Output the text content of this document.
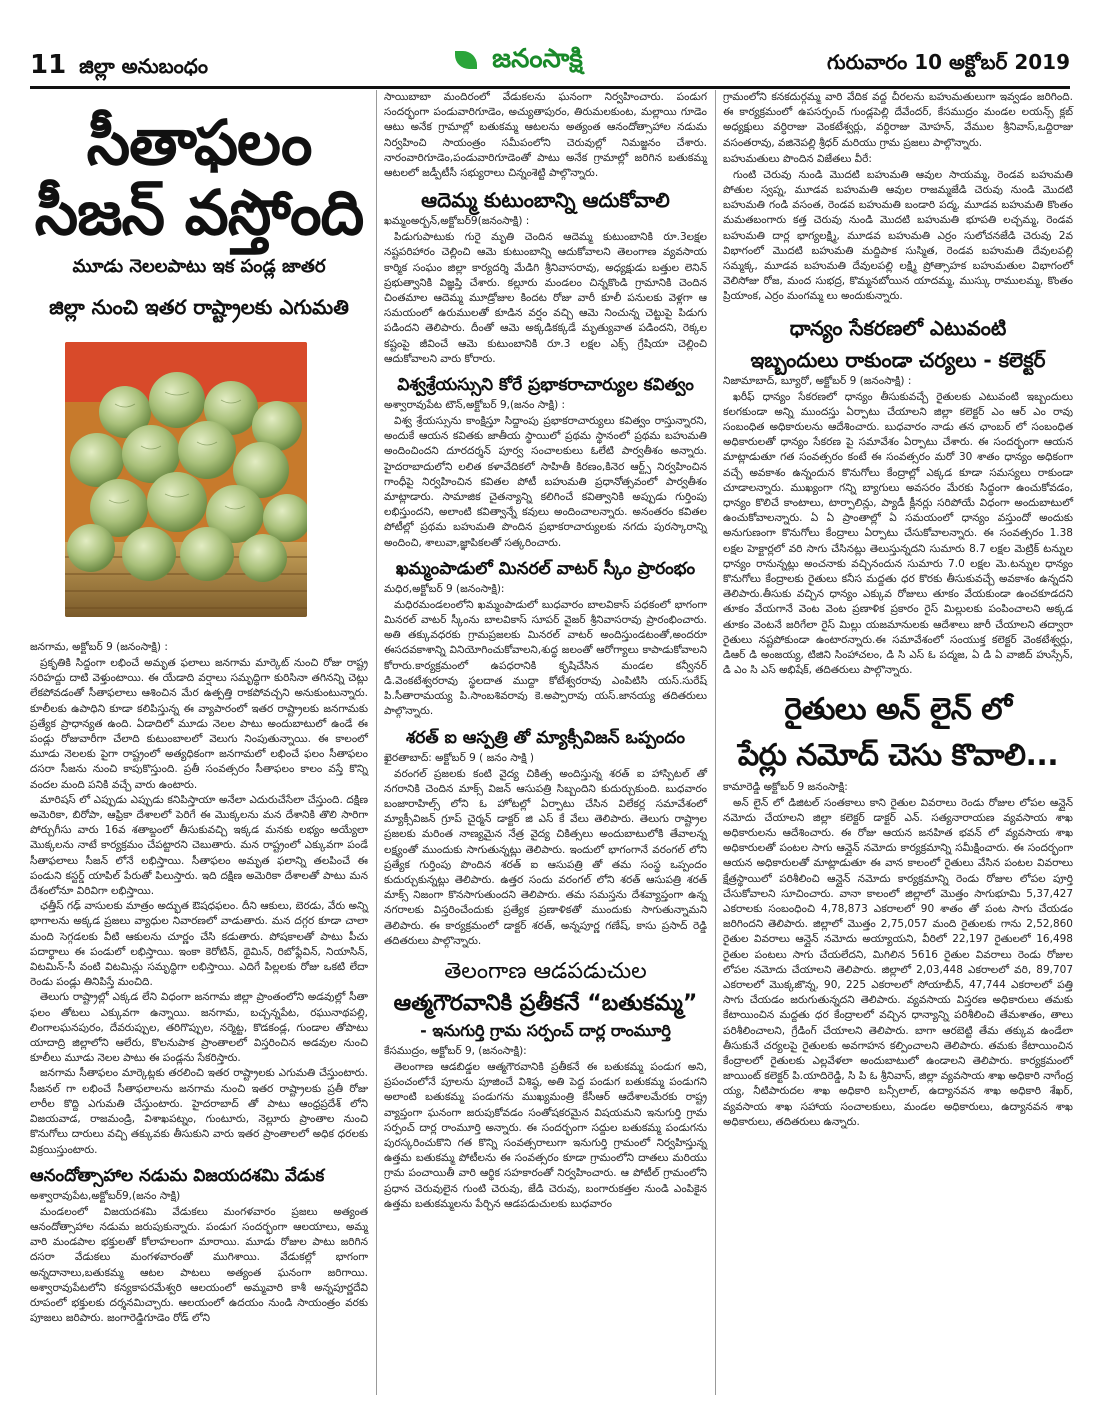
11 జిల్లా అనుబంధం	జనంసాక్షి	గురువారం 10 అక్టోబర్ 2019
సీతాఫలం
సీజన్ వస్తోంది
మూడు నెలలపాటు ఇక పండ్ల జాతర
జిల్లా నుంచి ఇతర రాష్ట్రాలకు ఎగుమతి
జనగామ, అక్టోబర్ 9 (జనంసాక్షి) :

ప్రకృతికి సిద్దంగా లభించే అమృత ఫలాలు జనగామ మార్కెట్ నుంచి రోజు రాష్ట్ర సరిహద్దు దాటి వెళ్తుంటాయి. ఈ యేడాది వర్షాలు సమృద్ధిగా కురిసినా తగినన్ని చెట్లు లేకపోవడంతో సీతాఫలాలు ఆశించిన మేర ఉత్పత్తి రాకపోవచ్చని అనుకుంటున్నారు. కూలీలకు ఉపాధిని కూడా కలిపిస్తున్న ఈ వ్యాపారంలో ఇతర రాష్ట్రాలకు జనగామకు ప్రత్యేక ప్రాధాన్యత ఉంది. ఏడాదిలో మూడు నెలల పాటు అందుబాటులో ఉండే ఈ పండ్లు రోజువారీగా చేలాది కుటుంబాలలో వెలుగు నింపుతున్నాయి. ఈ కాలంలో మూడు నెలలకు పైగా రాష్ట్రంలో అత్యధికంగా జనగామలో లభించే ఫలం సీతాఫలం దసరా సీజను నుంచి కాపుకొస్తుంది. ప్రతీ సంవత్సరం సీతాఫలం కాలం వస్తే కొన్ని వందల మంది పనికి వచ్చే వారు ఉంటారు.

మారిషస్ లో ఎప్పుడు ఎప్పుడు కనిపిస్తాయా అనేలా ఎదురుచేసేలా చేస్తుంది. దక్షిణ అమెరికా, బిరోపా, ఆఫ్రికా దేశాలలో పెరిగే ఈ మొక్కలను మన దేశానికి తొలి సారిగా పోర్చుగీసు వారు 16వ శతాబ్దంలో తీసుకువచ్చి ఇక్కడ మనకు లభ్యం అయ్యేలా మొక్కలను నాటే కార్యక్రమం చేపట్టారని చెబుతారు. మన రాష్ట్రంలో ఎక్కువగా పండే సీతాఫలాలు సీజన్ లోనే లభిస్తాయి. సీతాఫలం అమృత ఫలాన్ని తలపించే ఈ పండుని కస్టర్డ్ యాపిల్ పేరుతో పిలుస్తారు. ఇది దక్షిణ అమెరికా దేశాలతో పాటు మన దేశంలోనూ విరివిగా లభిస్తాయి.

ఛత్తీస్ గఢ్ వాసులకు మాత్రం అద్భుత ఔషధఫలం. దీని ఆకులు, బెరడు, వేరు అన్ని భాగాలను అక్కడ ప్రజలు వ్యాధుల నివారణలో వాడుతారు. మన దగ్గర కూడా చాలా మంది సెగ్గడలకు వీటి ఆకులను చూర్ణం చేసి కడుతారు. పోషకాలతో పాటు పీచు పదార్థాలు ఈ పండులో లభిస్తాయి. ఇంకా కెరోటిన్, థైమిన్, రిబోఫ్లేవిన్, నియాసిన్, విటమిన్-సీ వంటి విటమిన్లు సమృద్ధిగా లభిస్తాయి. ఎదిగే పిల్లలకు రోజు ఒకటి లేదా రెండు పండ్లు తినిపిస్తే మంచిది.

తెలుగు రాష్ట్రాల్లో ఎక్కడ లేని విధంగా జనగామ జిల్లా ప్రాంతంలోని అడవుల్లో సీతా ఫలం తోటలు ఎక్కువగా ఉన్నాయి. జనగామ, బచ్చన్నపేట, రఘునాథపల్లి, లింగాలఘనపురం, దేవరుప్పుల, తరిగొప్పుల, నర్మెట్ట, కొడకండ్ల, గుండాల తోపాటు యాదాద్రి జిల్లాలోని ఆలేరు, కొలనుపాక ప్రాంతాలలో విస్తరించిన అడవుల నుంచి కూలీలు మూడు నెలల పాటు ఈ పండ్లను సేకరిస్తారు.

జనగామ సీతాఫలం మార్కెట్లకు తరలించి ఇతర రాష్ట్రాలకు ఎగుమతి చేస్తుంటారు. సీజనల్ గా లభించే సీతాఫలాలను జనగామ నుంచి ఇతర రాష్ట్రాలకు ప్రతీ రోజు లారీల కొద్ది ఎగుమతి చేస్తుంటారు. హైదరాబాద్ తో పాటు ఆంధ్రప్రదేశ్ లోని విజయవాడ, రాజమండ్రి, విశాఖపట్నం, గుంటూరు, నెల్లూరు ప్రాంతాల నుంచి కొనుగోలు దారులు వచ్చి తక్కువకు తీసుకుని వారు ఇతర ప్రాంతాలలో అధిక ధరలకు విక్రయిస్తుంటారు.

ఆనందోత్సాహాల నడుమ విజయదశమి వేడుక
అశ్వారావుపేట,అక్టోబర్9,(జనం సాక్షి)

మండలంలో విజయదశమి వేడుకలు మంగళవారం ప్రజలు అత్యంత ఆనందోత్సాహాల నడుమ జరుపుకున్నారు. పండుగ సందర్భంగా ఆలయాలు, అమ్మ వారి మండపాల భక్తులతో కోలాహలంగా మారాయి. మూడు రోజుల పాటు జరిగిన దసరా వేడుకలు మంగళవారంతో ముగిశాయి. వేడుకల్లో భాగంగా అన్నదానాలు,బతుకమ్మ ఆటల పాటలు అత్యంత ఘనంగా జరిగాయి. అశ్వారావుపేటలోని కన్యకాపరమేశ్వరి ఆలయంలో అమ్మవారి కాశీ అన్నపూర్ణదేవి రూపంలో భక్తులకు దర్శనమిచ్చారు. ఆలయంలో ఉదయం నుండి సాయంత్రం వరకు పూజలు జరిపారు. జంగారెడ్డిగూడెం రోడ్ లోని

సాయిబాబా మందిరంలో వేడుకలను ఘనంగా నిర్వహించారు. పండుగ సందర్భంగా పండువారిగూడెం, అచ్యుతాపురం, తిరుమలకుంట, మల్లాయి గూడెం ఆటు అనేక గ్రామాల్లో బతుకమ్మ ఆటలను అత్యంత ఆనందోత్సాహాల నడుమ నిర్వహించి సాయంత్రం సమీపంలోని చెరువుల్లో నిమజ్జనం చేశారు. నారంవారిగూడెం,పండువారిగూడెంతో పాటు అనేక గ్రామాల్లో జరిగిన బతుకమ్మ ఆటలలో జడ్పీటీసీ సభ్యురాలు చిన్నంశెట్టి పాల్గొన్నారు.

ఆదెమ్మ కుటుంబాన్ని ఆదుకోవాలి
ఖమ్మంఅర్బన్,అక్టోబర్9(జనంసాక్షి) :

పిడుగుపాటుకు గురై మృతి చెందిన ఆదెమ్మ కుటుంబానికి రూ.3లక్షల నష్టపరిహారం చెల్లించి ఆమె కుటుంబాన్ని ఆదుకోవాలని తెలంగాణ వ్యవసాయ కార్మిక సంఘం జిల్లా కార్యదర్శి మేడిగి శ్రీనివాసరావు, అధ్యక్షుడు బత్తుల లెనిన్ ప్రభుత్వానికి విజ్ఞప్తి చేశారు. కల్లూరు మండలం చిన్నకొండి గ్రామానికి చెందిన చింతమాల ఆదెమ్మ మూడ్రోజుల కిందట రోజు వారీ కూలీ పనులకు వెళ్లగా ఆ సమయంలో ఉరుములతో కూడిన వర్షం వచ్చి ఆమె నించున్న చెట్టుపై పిడుగు పడిందని తెలిపారు. దీంతో ఆమె అక్కడికక్కడే మృత్యువాత పడిందని, రెక్కల కష్టంపై జీవించే ఆమె కుటుంబానికి రూ.3 లక్షల ఎక్స్ గ్రేషియా చెల్లించి ఆదుకోవాలని వారు కోరారు.

విశ్వశ్రేయస్సుని కోరే ప్రభాకరాచార్యుల కవిత్వం
అశ్వారావుపేట టౌన్,అక్టోబర్ 9,(జనం సాక్షి) :

విశ్వ శ్రేయస్సును కాంక్షిస్తూ సిద్దాంపు ప్రభాకరాచార్యులు కవిత్వం రాస్తున్నారని, అందుకే ఆయన కవితకు జాతీయ స్థాయిలో ప్రథమ స్థానంలో ప్రథమ బహుమతి అందించిందని దూరదర్శన్ పూర్వ సంచాలకులు ఓలేటి పార్వతీశం అన్నారు. హైదరాబాదులోని లలిత కళావేదికలో సాహితీ కిరణం,కినెర ఆర్ట్స్ నిర్వహించిన గాంధీపై నిర్వహించిన కవితల పోటీ బహుమతి ప్రధానోత్సవంలో పార్వతీశం మాట్లాడారు. సామాజిక చైతన్యాన్ని కలిగించే కవిత్వానికి అప్పుడు గుర్తింపు లభిస్తుందని, అలాంటి కవిత్వాన్నే కవులు అందించాలన్నారు. అనంతరం కవితల పోటీల్లో ప్రథమ బహుమతి పొందిన ప్రభాకరాచార్యులకు నగదు పురస్కారాన్ని అందించి, శాలువా,జ్ఞాపికలతో సత్కరించారు.

ఖమ్మంపాడులో మినరల్ వాటర్ స్కీం ప్రారంభం
మధిర,అక్టోబర్ 9 (జనంసాక్షి):

మధిరమండలంలోని ఖమ్మంపాడులో బుధవారం బాలవికాస్ పధకంలో భాగంగా మినరల్ వాటర్ స్కీంను బాలవికాస్ సూపర్ వైజర్ శ్రీనివాసరావు ప్రారంభించారు. అతి తక్కువధరకు గ్రామప్రజలకు మినరల్ వాటర్ అందిస్తుండటంతో,అందరూ ఈసదవకాశాన్ని వినియోగించుకోవాలని,శుద్ధ జలంతో ఆరోగ్యాలు కాపాడుకోవాలని కోరారు.కార్యక్రమంలో ఉపధరానికి కృషిచేసిన మండల కన్వీనర్ డి.వెంకటేశ్వరరావు స్థలదాత ముద్దా కోటేశ్వరరావు ఎంపిటిసి యస్.సురేష్ పి.సీతారామయ్య పి.సాంబశివరావు కె.అప్పారావు యస్.జానయ్య తదితరులు పాల్గొన్నారు.

శరత్ ఐ ఆస్పత్రి తో మ్యాక్సీవిజన్ ఒప్పందం
ఖైరతాబాద్: అక్టోబర్ 9 ( జనం సాక్షి )

వరంగల్ ప్రజలకు కంటి వైద్య చికిత్స అందిస్తున్న శరత్ ఐ హాస్పిటల్ తో నగరానికి చెందిన మాక్స్ విజన్ ఆసుపత్రి సిబ్బందిని కుదుర్చుకుంది. బుధవారం బంజారాహిల్స్ లోని ఓ హోటల్లో ఏర్పాటు చేసిన విలేకర్ల సమావేశంలో మ్యాక్సీవిజన్ గ్రూప్ చైర్మన్ డాక్టర్ జి ఎస్ కే వేలు తెలిపారు. తెలుగు రాష్ట్రాల ప్రజలకు మరింత నాణ్యమైన నేత్ర వైద్య చికిత్సలు అందుబాటులోకి తేవాలన్న లక్ష్యంతో ముందుకు సాగుతున్నట్లు తెలిపారు. ఇందులో భాగంగానే వరంగల్ లోని ప్రత్యేక గుర్తింపు పొందిన శరత్ ఐ ఆసుపత్రి తో తమ సంస్థ ఒప్పందం కుదుర్చుకున్నట్లు తెలిపారు. ఉత్తర సందు వరంగల్ లోని శరత్ ఆసుపత్రి శరత్ మాక్స్ నిజంగా కొనసాగుతుందని తెలిపారు. తమ సమస్తను దేశవ్యాప్తంగా ఉన్న నగరాలకు విస్తరించేందుకు ప్రత్యేక ప్రణాళికతో ముందుకు సాగుతున్నామని తెలిపారు. ఈ కార్యక్రమంలో డాక్టర్ శరత్, అన్నపూర్ణ గణేష్, కాసు ప్రసాద్ రెడ్డి తదితరులు పాల్గొన్నారు.

తెలంగాణ ఆడపడుచుల
ఆత్మగౌరవానికి ప్రతీకనే “బతుకమ్మ”
- ఇనుగుర్తి గ్రామ సర్పంచ్ దార్ల రాంమూర్తి
కేసముద్రం, అక్టోబర్ 9, (జనంసాక్షి):

తెలంగాణ ఆడబిడ్డల ఆత్మగౌరవానికి ప్రతీకనే ఈ బతుకమ్మ పండుగ అని, ప్రపంచంలోనే పూలను పూజించే విశిష్ఠ, అతి పెద్ద పండుగ బతుకమ్మ పండుగని అలాంటి బతుకమ్మ పండుగను ముఖ్యమంత్రి కేసీఆర్ ఆదేశాలమేరకు రాష్ట్ర వ్యాప్తంగా ఘనంగా జరుపుకోవడం సంతోషకరమైన విషయమని ఇనుగుర్తి గ్రామ సర్పంచ్ దార్ల రాంమూర్తి అన్నారు. ఈ సందర్భంగా సద్దుల బతుకమ్మ పండుగను పురస్కరించుకొని గత కొన్ని సంవత్సరాలుగా ఇనుగుర్తి గ్రామంలో నిర్వహిస్తున్న ఉత్తమ బతుకమ్మ పోటీలను ఈ సంవత్సరం కూడా గ్రామంలోని దాతలు మరియు గ్రామ పంచాయితీ వారి ఆర్థిక సహకారంతో నిర్వహించారు. ఆ పోటీల్ గ్రామంలోని ప్రధాన చెరువులైన గుంటి చెరువు, జేడి చెరువు, బంగారుకత్తల నుండి ఎంపికైన ఉత్తమ బతుకమ్మలను పేర్చిన ఆడపడుచులకు బుధవారం

గ్రామంలోని కనకదుర్గమ్మ వారి వేదిక వద్ద చీరలను బహుమతులుగా ఇవ్వడం జరిగింది. ఈ కార్యక్రమంలో ఉపసర్పంచ్ గుండ్లపెల్లి దేవేందర్, కేసముద్రం మండల లయన్స్ క్లబ్ అధ్యక్షులు వర్ధిరాజు వెంకటేశ్వర్లు, వర్ధిరాజు మోహన్, వేముల శ్రీనివాస్,ఒద్దిరాజు వసంతరావు, వజినెపల్లి శ్రీధర్ మరియు గ్రామ ప్రజలు పాల్గొన్నారు.

బహుమతులు పొందిన విజేతలు వీరే:

గుంటి చెరువు నుండి మొదటి బహుమతి ఆవుల సాయమ్మ, రెండవ బహుమతి పోతుల స్వప్న, మూడవ బహుమతి ఆవుల రాజమ్మజేడి చెరువు నుండి మొదటి బహుమతి గండి వసంత, రెండవ బహుమతి బండారి పద్మ, మూడవ బహుమతి కొంతం మమతబంగారు కత్త చెరువు నుండి మొదటి బహుమతి భూపతి లచ్చమ్మ, రెండవ బహుమతి దార్ల భాగ్యలక్ష్మి, మూడవ బహుమతి ఎర్రం సులోచనజేడి చెరువు 2వ విభాగంలో మొదటి బహుమతి మద్దిపాక సుస్మిత, రెండవ బహుమతి దేవులపల్లి సమ్మక్క, మూడవ బహుమతి దేవులపల్లి లక్ష్మి ప్రోత్సాహక బహుమతుల విభాగంలో వెలిసోజు రోజ, మంద సుభద్ర, కొమ్మనబోయిన యాదమ్మ, ముస్కు రాములమ్మ, కొంతం ప్రియాంక, ఎర్రం మంగమ్మ లు అందుకున్నారు.

ధాన్యం సేకరణలో ఎటువంటి
ఇబ్బందులు రాకుండా చర్యలు - కలెక్టర్
నిజామాబాద్, బ్యూరో, అక్టోబర్ 9 (జనంసాక్షి) :

ఖరీఫ్ ధాన్యం సేకరణలో ధాన్యం తీసుకువచ్చే రైతులకు ఎటువంటి ఇబ్బందులు కలగకుండా అన్ని ముందస్తు ఏర్పాటు చేయాలని జిల్లా కలెక్టర్ ఎం ఆర్ ఎం రావు సంబంధిత అధికారులను ఆదేశించారు. బుధవారం నాడు తన ఛాంబర్ లో సంబంధిత అధికారులతో ధాన్యం సేకరణ పై సమావేశం ఏర్పాటు చేశారు. ఈ సందర్భంగా ఆయన మాట్లాడుతూ గత సంవత్సరం కంటే ఈ సంవత్సరం మరో 30 శాతం ధాన్యం అధికంగా వచ్చే అవకాశం ఉన్నందున కొనుగోలు కేంద్రాల్లో ఎక్కడ కూడా సమస్యలు రాకుండా చూడాలన్నారు. ముఖ్యంగా గన్ని బ్యాగులు అవసరం మేరకు సిద్ధంగా ఉంచుకోవడం, ధాన్యం కొలిచే కాంటాలు, టార్పాలిన్లు, ప్యాడీ క్లీనర్లు సరిపోయే విధంగా అందుబాటులో ఉంచుకోవాలన్నారు. ఏ ఏ ప్రాంతాల్లో ఏ సమయంలో ధాన్యం వస్తుందో అందుకు అనుగుణంగా కొనుగోలు కేంద్రాలు ఏర్పాటు చేసుకోవాలన్నారు. ఈ సంవత్సరం 1.38 లక్షల హెక్టార్లలో వరి సాగు చేసినట్లు తెలుస్తున్నదని సుమారు 8.7 లక్షల మెట్రిక్ టన్నుల ధాన్యం రానున్నట్లు అంచనాకు వచ్చినందున సుమారు 7.0 లక్షల మె.టన్నుల ధాన్యం కొనుగోలు కేంద్రాలకు రైతులు కనీస మద్దతు ధర కొరకు తీసుకువచ్చే అవకాశం ఉన్నదని తెలిపారు.తీసుకు వచ్చిన ధాన్యం ఎక్కువ రోజులు తూకం వేయకుండా ఉంచకూడదని తూకం వేయగానే వెంట వెంట ప్రణాళిక ప్రకారం రైస్ మిల్లులకు పంపించాలని అక్కడ తూకం వెంటనే జరిగేలా రైస్ మిల్లు యజమానులకు ఆదేశాలు జారీ చేయాలని తద్వారా రైతులు నష్టపోకుండా ఉంటారన్నారు.ఈ సమావేశంలో సంయుక్త కలెక్టర్ వెంకటేశ్వర్లు, డిఆర్ డి అంజయ్య, టిజిని సింహాచలం, డి సి ఎస్ ఓ పద్మజ, ఏ డి ఏ వాజిద్ హుస్సేన్, డి ఎం సి ఎస్ అభిషేక్, తదితరులు పాల్గొన్నారు.

రైతులు అన్ లైన్ లో
పేర్లు నమోద్ చెసు కొవాలి...
కామారెడ్డి అక్టోబర్ 9 జనంసాక్షి:

అన్ లైన్ లో డిజిటల్ సంతకాలు కాని రైతుల వివరాలు రెండు రోజుల లోపల ఆన్లైన్ నమోదు చేయాలని జిల్లా కలెక్టర్ డాక్టర్ ఎన్. సత్యనారాయణ వ్యవసాయ శాఖ అధికారులను ఆదేశించారు. ఈ రోజు ఆయన జనహిత భవన్ లో వ్యవసాయ శాఖ అధికారులతో పంటల సాగు ఆన్లైన్ నమోదు కార్యక్రమాన్ని సమీక్షించారు. ఈ సందర్భంగా ఆయన అధికారులతో మాట్లాడుతూ ఈ వాన కాలంలో రైతులు వేసిన పంటల వివరాలు క్షేత్రస్థాయిలో పరిశీలించి ఆన్లైన్ నమోదు కార్యక్రమాన్ని రెండు రోజుల లోపల పూర్తి చేసుకోవాలని సూచించారు. వానా కాలంలో జిల్లాలో మొత్తం సాగుభూమి 5,37,427 ఎకరాలకు సంబంధించి 4,78,873 ఎకరాలలో 90 శాతం తో పంట సాగు చేయడం జరిగిందని తెలిపారు. జిల్లాలో మొత్తం 2,75,057 మంది రైతులకు గాను 2,52,860 రైతుల వివరాలు ఆన్లైన్ నమోదు అయ్యాయని, వీరిలో 22,197 రైతులలో 16,498 రైతుల పంటలు సాగు చేయలేదని, మిగిలిన 5616 రైతుల వివరాలు రెండు రోజుల లోపల నమోదు చేయాలని తెలిపారు. జిల్లాలో 2,03,448 ఎకరాలలో వరి, 89,707 ఎకరాలలో మొక్కజొన్న, 90, 225 ఎకరాలలో సోయాబీన్, 47,744 ఎకరాలలో పత్తి సాగు చేయడం జరుగుతున్నదని తెలిపారు. వ్యవసాయ విస్తరణ అధికారులు తమకు కేటాయించిన మద్దతు ధర కేంద్రాలలో వచ్చిన ధాన్యాన్ని పరిశీలించి తేమశాతం, తాలు పరిశీలించాలని, గ్రేడింగ్ చేయాలని తెలిపారు. బాగా ఆరబెట్టి తేమ తక్కువ ఉండేలా తీసుకునే చర్యలపై రైతులకు అవగాహన కల్పించాలని తెలిపారు. తమకు కేటాయించిన కేంద్రాలలో రైతులకు ఎల్లవేళలా అందుబాటులో ఉండాలని తెలిపారు. కార్యక్రమంలో జాయింట్ కలెక్టర్ పి.యాదిరెడ్డి, సి పి ఓ శ్రీనివాస్, జిల్లా వ్యవసాయ శాఖ అధికారి నాగేంద్ర య్య, నీటిపారుదల శాఖ అధికారి బన్సీలాల్, ఉద్యానవన శాఖ అధికారి శేఖర్, వ్యవసాయ శాఖ సహాయ సంచాలకులు, మండల అధికారులు, ఉద్యానవన శాఖ అధికారులు, తదితరులు ఉన్నారు.
